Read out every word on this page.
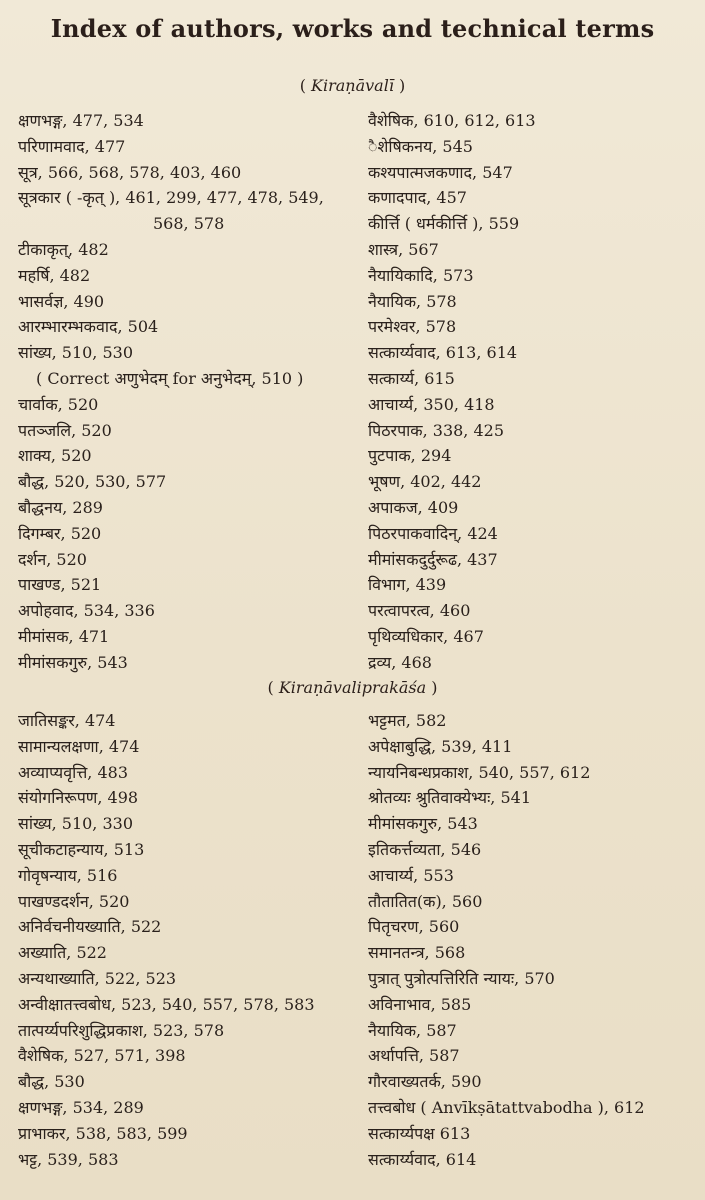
Index of authors, works and technical terms
( Kiraṇāvalī )
क्षणभङ्ग, 477, 534
परिणामवाद, 477
सूत्र, 566, 568, 578, 403, 460
सूत्रकार ( -कृत् ), 461, 299, 477, 478, 549,
568, 578
टीकाकृत्, 482
महर्षि, 482
भासर्वज्ञ, 490
आरम्भारम्भकवाद, 504
सांख्य, 510, 530
( Correct अणुभेदम् for अनुभेदम्, 510 )
चार्वाक, 520
पतञ्जलि, 520
शाक्य, 520
बौद्ध, 520, 530, 577
बौद्धनय, 289
दिगम्बर, 520
दर्शन, 520
पाखण्ड, 521
अपोहवाद, 534, 336
मीमांसक, 471
मीमांसकगुरु, 543
वैशेषिक, 610, 612, 613
ैशेषिकनय, 545
कश्यपात्मजकणाद, 547
कणादपाद, 457
कीर्त्ति ( धर्मकीर्त्ति ), 559
शास्त्र, 567
नैयायिकादि, 573
नैयायिक, 578
परमेश्वर, 578
सत्कार्य्यवाद, 613, 614
सत्कार्य्य, 615
आचार्य्य, 350, 418
पिठरपाक, 338, 425
पुटपाक, 294
भूषण, 402, 442
अपाकज, 409
पिठरपाकवादिन्, 424
मीमांसकदुर्दुरूढ, 437
विभाग, 439
परत्वापरत्व, 460
पृथिव्यधिकार, 467
द्रव्य, 468
( Kiraṇāvaliprakāśa )
जातिसङ्कर, 474
सामान्यलक्षणा, 474
अव्याप्यवृत्ति, 483
संयोगनिरूपण, 498
सांख्य, 510, 330
सूचीकटाहन्याय, 513
गोवृषन्याय, 516
पाखण्डदर्शन, 520
अनिर्वचनीयख्याति, 522
अख्याति, 522
अन्यथाख्याति, 522, 523
अन्वीक्षातत्त्वबोध, 523, 540, 557, 578, 583
तात्पर्य्यपरिशुद्धिप्रकाश, 523, 578
वैशेषिक, 527, 571, 398
बौद्ध, 530
क्षणभङ्ग, 534, 289
प्राभाकर, 538, 583, 599
भट्ट, 539, 583
भट्टमत, 582
अपेक्षाबुद्धि, 539, 411
न्यायनिबन्धप्रकाश, 540, 557, 612
श्रोतव्यः श्रुतिवाक्येभ्यः, 541
मीमांसकगुरु, 543
इतिकर्त्तव्यता, 546
आचार्य्य, 553
तौतातित(क), 560
पितृचरण, 560
समानतन्त्र, 568
पुत्रात् पुत्रोत्पत्तिरिति न्यायः, 570
अविनाभाव, 585
नैयायिक, 587
अर्थापत्ति, 587
गौरवाख्यतर्क, 590
तत्त्वबोध ( Anvīkṣātattvabodha ), 612
सत्कार्य्यपक्ष 613
सत्कार्य्यवाद, 614
